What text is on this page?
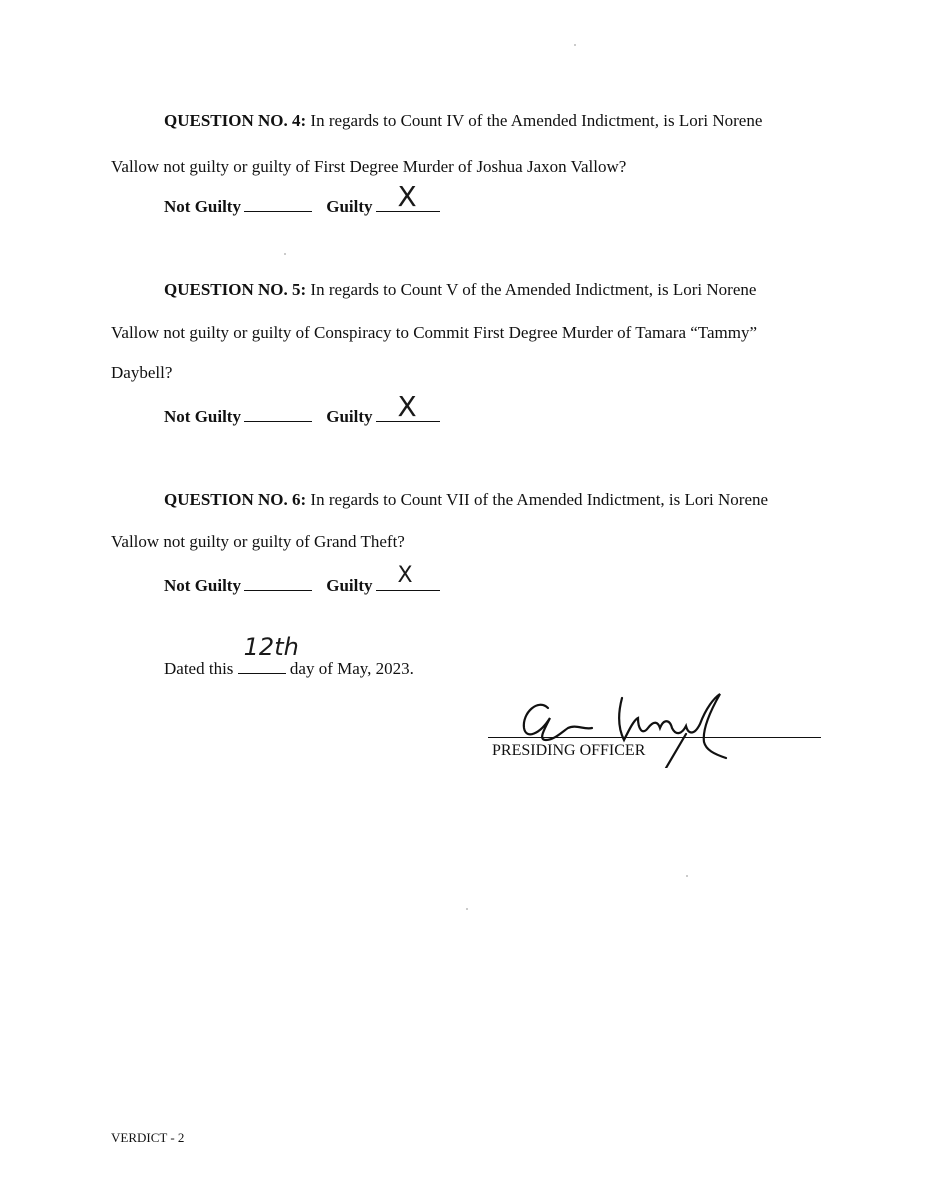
QUESTION NO. 4: In regards to Count IV of the Amended Indictment, is Lori Norene
Vallow not guilty or guilty of First Degree Murder of Joshua Jaxon Vallow?
Not Guilty	Guilty X
QUESTION NO. 5: In regards to Count V of the Amended Indictment, is Lori Norene
Vallow not guilty or guilty of Conspiracy to Commit First Degree Murder of Tamara “Tammy”
Daybell?
Not Guilty	Guilty X
QUESTION NO. 6: In regards to Count VII of the Amended Indictment, is Lori Norene
Vallow not guilty or guilty of Grand Theft?
Not Guilty	Guilty X
Dated this
12th
day of May, 2023.
PRESIDING OFFICER
VERDICT - 2
